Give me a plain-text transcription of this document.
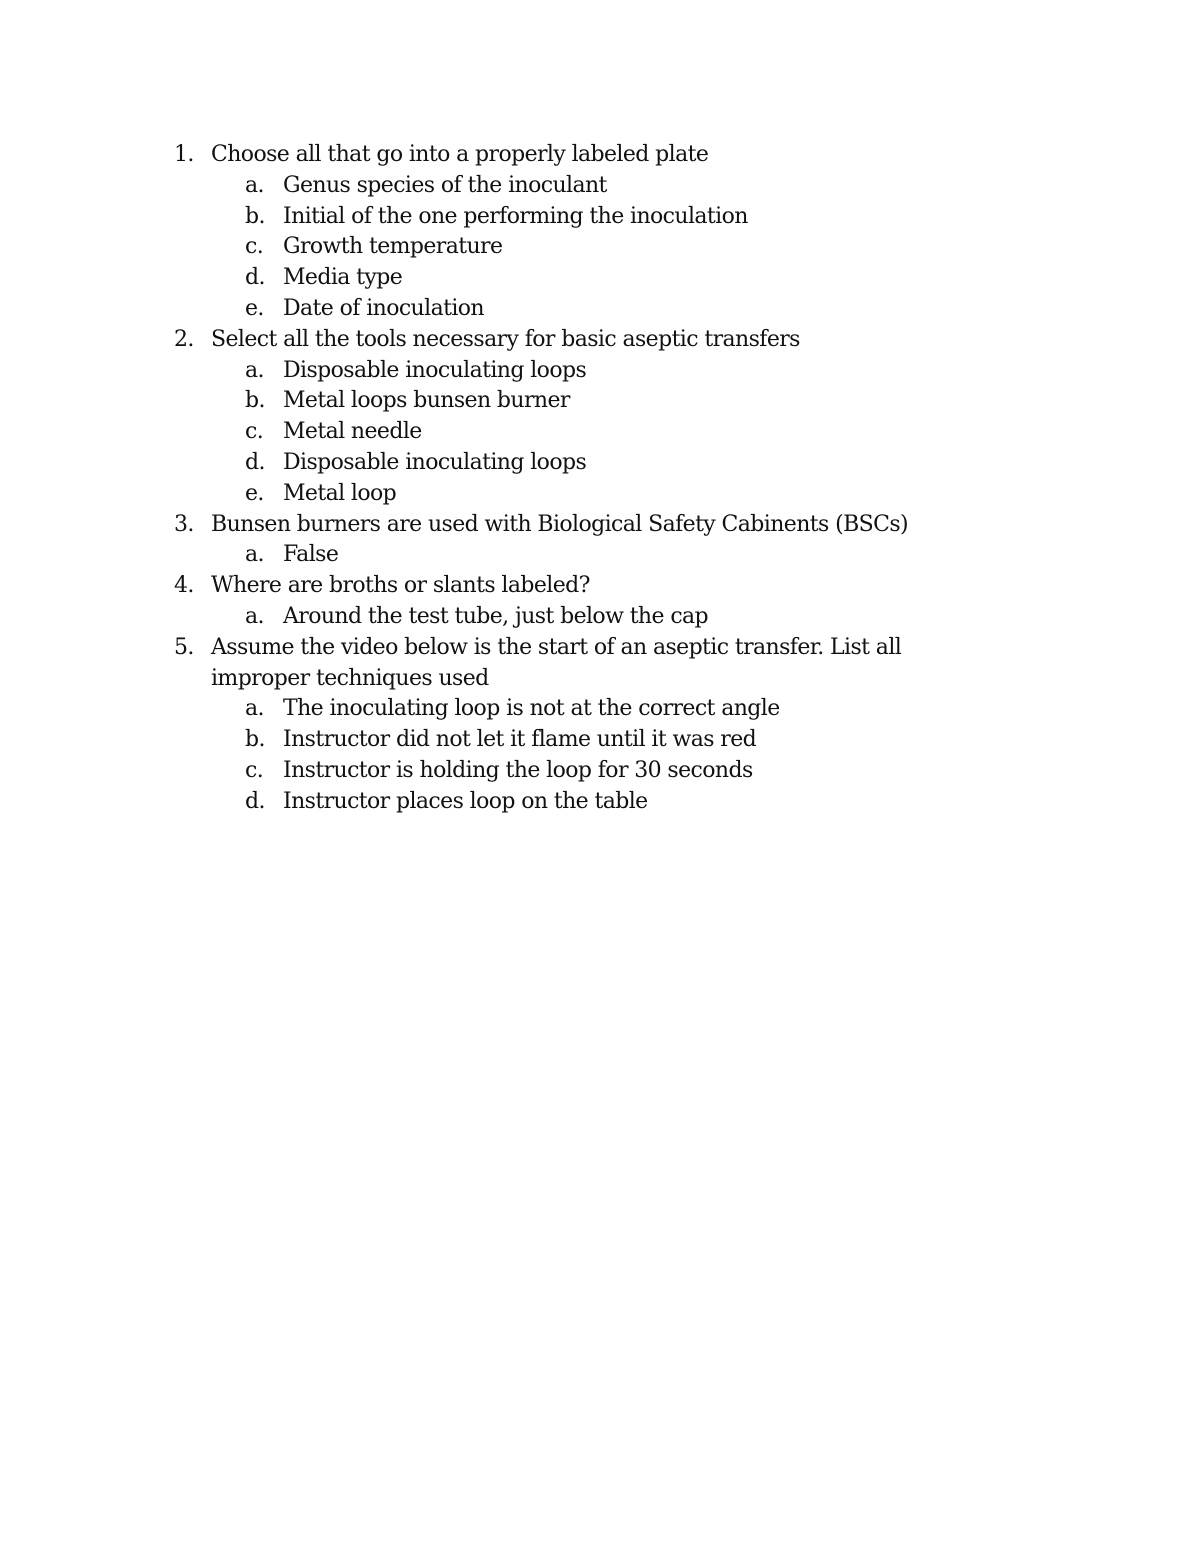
1. Choose all that go into a properly labeled plate
a. Genus species of the inoculant
b. Initial of the one performing the inoculation
c. Growth temperature
d. Media type
e. Date of inoculation
2. Select all the tools necessary for basic aseptic transfers
a. Disposable inoculating loops
b. Metal loops bunsen burner
c. Metal needle
d. Disposable inoculating loops
e. Metal loop
3. Bunsen burners are used with Biological Safety Cabinents (BSCs)
a. False
4. Where are broths or slants labeled?
a. Around the test tube, just below the cap
5. Assume the video below is the start of an aseptic transfer. List all improper techniques used
a. The inoculating loop is not at the correct angle
b. Instructor did not let it flame until it was red
c. Instructor is holding the loop for 30 seconds
d. Instructor places loop on the table
